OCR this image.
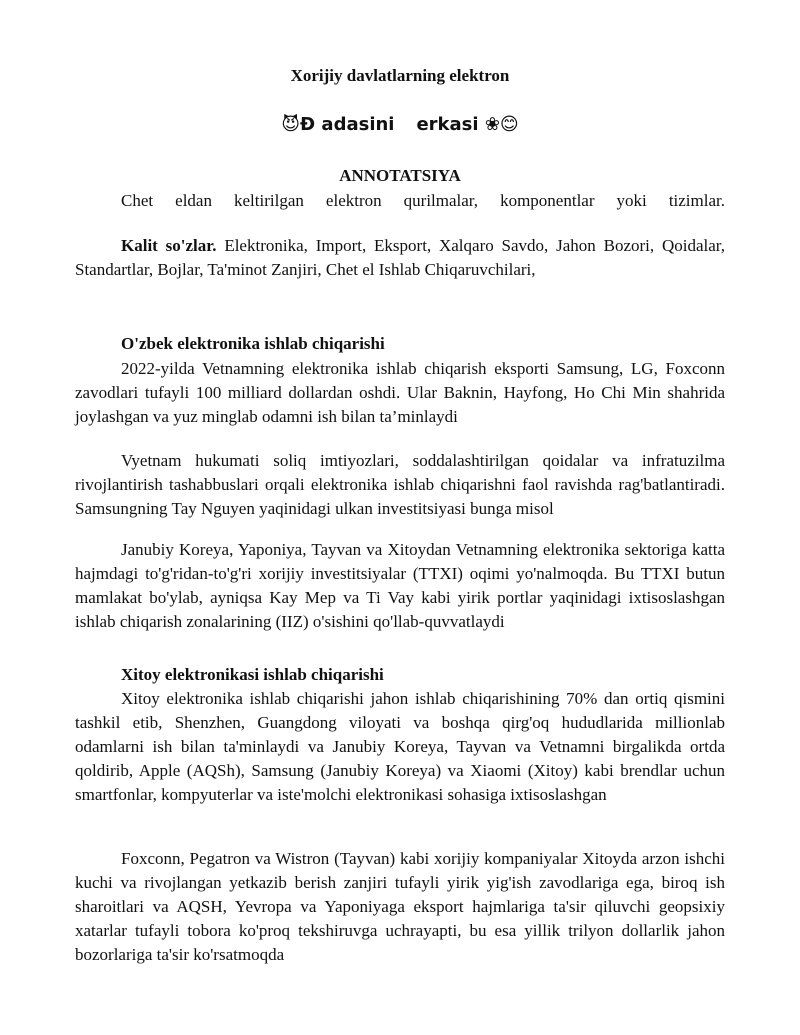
Xorijiy davlatlarning elektron
😈Ɖ adasini erkasi ❀😊
ANNOTATSIYA
Chet eldan keltirilgan elektron qurilmalar, komponentlar yoki tizimlar.
Kalit so'zlar. Elektronika, Import, Eksport, Xalqaro Savdo, Jahon Bozori, Qoidalar, Standartlar, Bojlar, Ta'minot Zanjiri, Chet el Ishlab Chiqaruvchilari,
O'zbek elektronika ishlab chiqarishi
2022-yilda Vetnamning elektronika ishlab chiqarish eksporti Samsung, LG, Foxconn zavodlari tufayli 100 milliard dollardan oshdi. Ular Baknin, Hayfong, Ho Chi Min shahrida joylashgan va yuz minglab odamni ish bilan ta’minlaydi
Vyetnam hukumati soliq imtiyozlari, soddalashtirilgan qoidalar va infratuzilma rivojlantirish tashabbuslari orqali elektronika ishlab chiqarishni faol ravishda rag'batlantiradi. Samsungning Tay Nguyen yaqinidagi ulkan investitsiyasi bunga misol
Janubiy Koreya, Yaponiya, Tayvan va Xitoydan Vetnamning elektronika sektoriga katta hajmdagi to'g'ridan-to'g'ri xorijiy investitsiyalar (TTXI) oqimi yo'nalmoqda. Bu TTXI butun mamlakat bo'ylab, ayniqsa Kay Mep va Ti Vay kabi yirik portlar yaqinidagi ixtisoslashgan ishlab chiqarish zonalarining (IIZ) o'sishini qo'llab-quvvatlaydi
Xitoy elektronikasi ishlab chiqarishi
Xitoy elektronika ishlab chiqarishi jahon ishlab chiqarishining 70% dan ortiq qismini tashkil etib, Shenzhen, Guangdong viloyati va boshqa qirg'oq hududlarida millionlab odamlarni ish bilan ta'minlaydi va Janubiy Koreya, Tayvan va Vetnamni birgalikda ortda qoldirib, Apple (AQSh), Samsung (Janubiy Koreya) va Xiaomi (Xitoy) kabi brendlar uchun smartfonlar, kompyuterlar va iste'molchi elektronikasi sohasiga ixtisoslashgan
Foxconn, Pegatron va Wistron (Tayvan) kabi xorijiy kompaniyalar Xitoyda arzon ishchi kuchi va rivojlangan yetkazib berish zanjiri tufayli yirik yig'ish zavodlariga ega, biroq ish sharoitlari va AQSH, Yevropa va Yaponiyaga eksport hajmlariga ta'sir qiluvchi geopsixiy xatarlar tufayli tobora ko'proq tekshiruvga uchrayapti, bu esa yillik trilyon dollarlik jahon bozorlariga ta'sir ko'rsatmoqda
